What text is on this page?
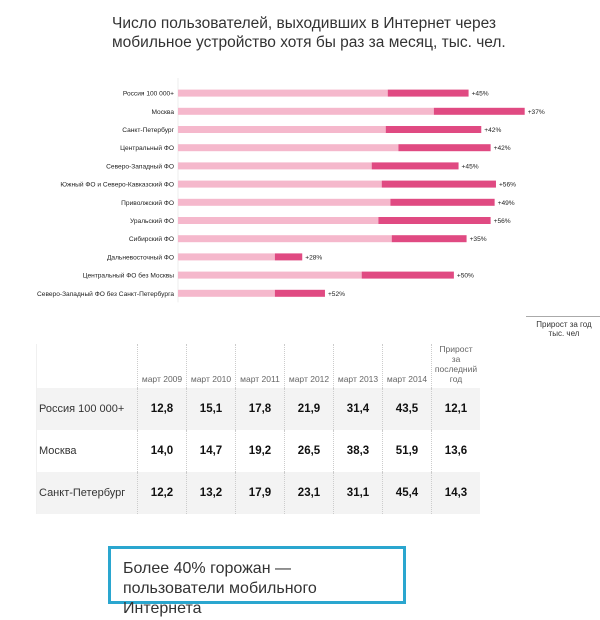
Число пользователей, выходивших в Интернет через мобильное устройство хотя бы раз за месяц, тыс. чел.
Россия 100 000+	+45%
Москва	+37%
Санкт-Петербург	+42%
Центральный ФО	+42%
Северо-Западный ФО	+45%
Южный ФО и Северо-Кавказский ФО	+56%
Приволжский ФО	+49%
Уральский ФО	+56%
Сибирский ФО	+35%
Дальневосточный ФО	+28%
Центральный ФО без Москвы	+50%
Северо-Западный ФО без Санкт-Петербурга	+52%
Прирост за год тыс. чел
	март 2009	март 2010	март 2011	март 2012	март 2013	март 2014	Прирост за последний год
Россия 100 000+	12,8	15,1	17,8	21,9	31,4	43,5	12,1
Москва	14,0	14,7	19,2	26,5	38,3	51,9	13,6
Санкт-Петербург	12,2	13,2	17,9	23,1	31,1	45,4	14,3
Более 40% горожан — пользователи мобильного Интернета
